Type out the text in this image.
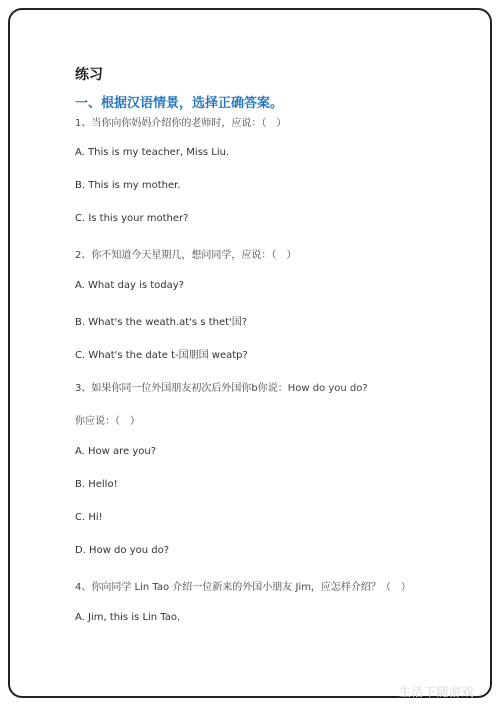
练习
一、根据汉语情景，选择正确答案。
1、当你向你妈妈介绍你的老师时，应说：（　）
A. This is my teacher, Miss Liu.
B. This is my mother.
C. Is this your mother?
2、你不知道今天星期几，想问同学，应说：（　）
A. What day is today?
B. What's the weath.at's s thet'国?
C. What's the date t-国朋国 weatp?
3、如果你同一位外国朋友初次后外国你b你说：How do you do?
你应说：（　）
A. How are you?
B. Hello!
C. Hi!
D. How do you do?
4、你向同学 Lin Tao 介绍一位新来的外国小朋友 Jim，应怎样介绍？（　）
A. Jim, this is Lin Tao.
生活下随游戏
